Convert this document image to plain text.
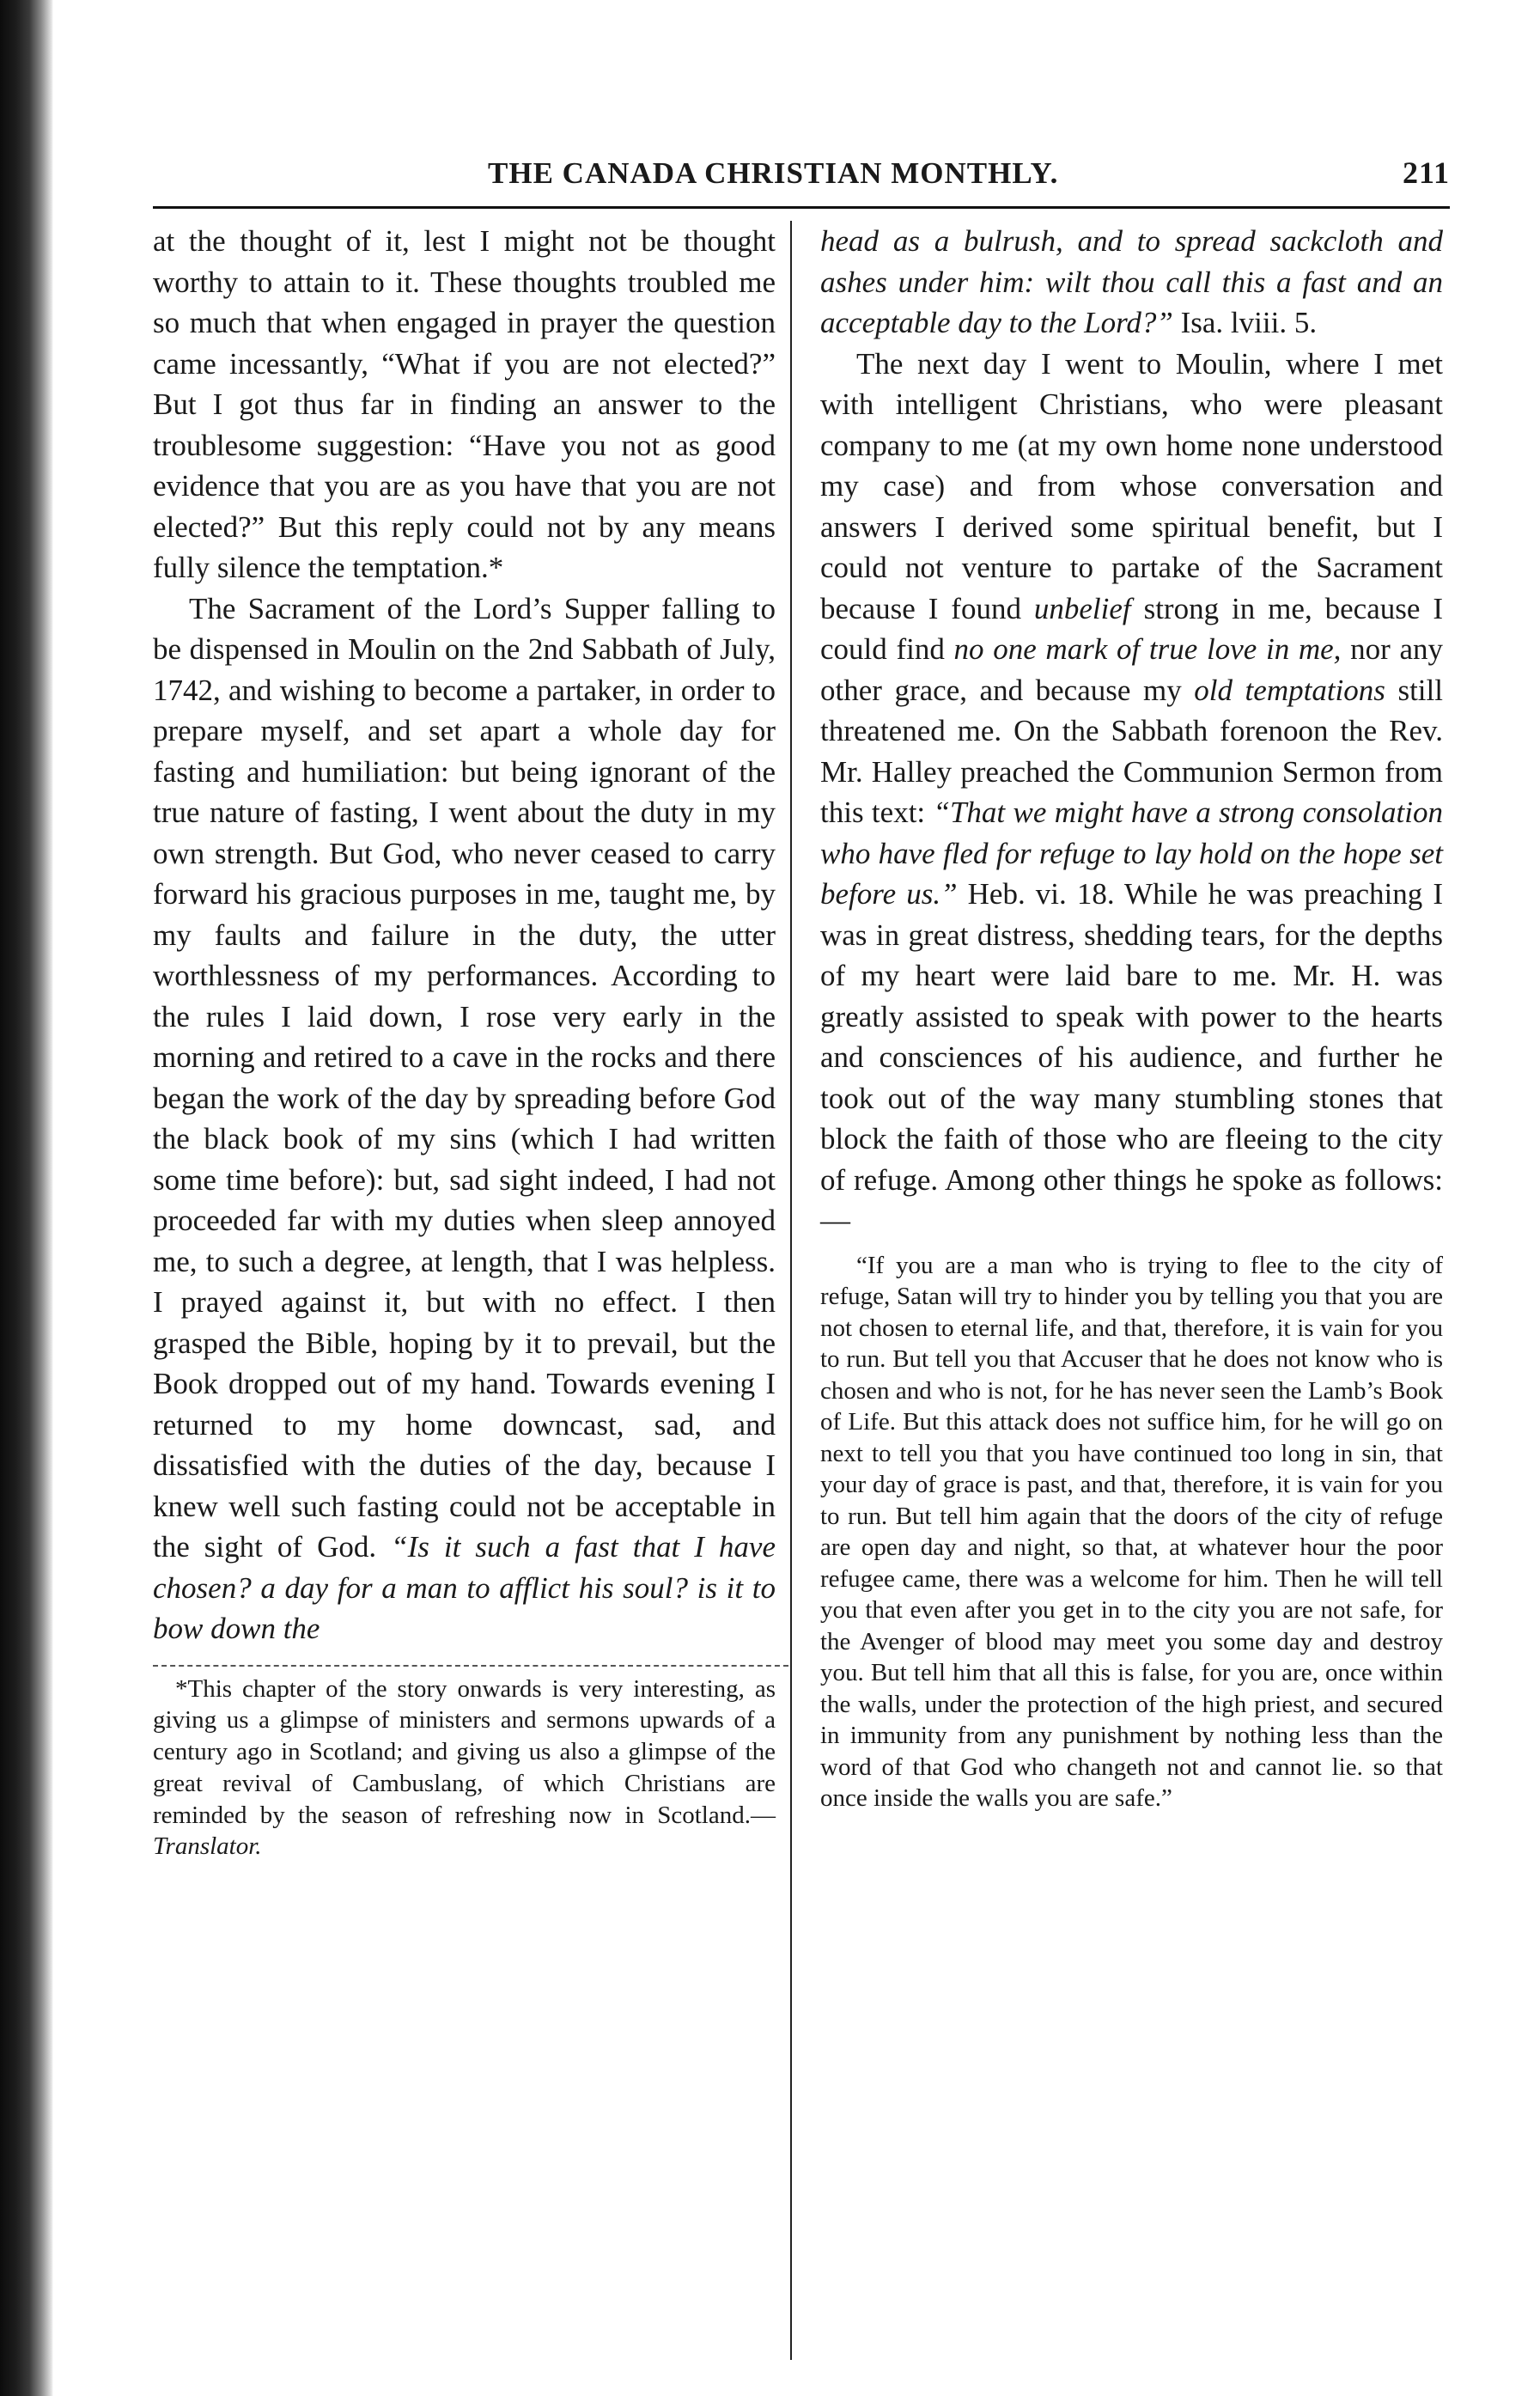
THE CANADA CHRISTIAN MONTHLY.	211

at the thought of it, lest I might not be thought worthy to attain to it. These thoughts troubled me so much that when engaged in prayer the question came incessantly, “What if you are not elected?” But I got thus far in finding an answer to the troublesome suggestion: “Have you not as good evidence that you are as you have that you are not elected?” But this reply could not by any means fully silence the temptation.*

The Sacrament of the Lord’s Supper falling to be dispensed in Moulin on the 2nd Sabbath of July, 1742, and wishing to become a partaker, in order to prepare myself, and set apart a whole day for fasting and humiliation: but being ignorant of the true nature of fasting, I went about the duty in my own strength. But God, who never ceased to carry forward his gracious purposes in me, taught me, by my faults and failure in the duty, the utter worthlessness of my performances. According to the rules I laid down, I rose very early in the morning and retired to a cave in the rocks and there began the work of the day by spreading before God the black book of my sins (which I had written some time before): but, sad sight indeed, I had not proceeded far with my duties when sleep annoyed me, to such a degree, at length, that I was helpless. I prayed against it, but with no effect. I then grasped the Bible, hoping by it to prevail, but the Book dropped out of my hand. Towards evening I returned to my home downcast, sad, and dissatisfied with the duties of the day, because I knew well such fasting could not be acceptable in the sight of God. “Is it such a fast that I have chosen? a day for a man to afflict his soul? is it to bow down the

*This chapter of the story onwards is very interesting, as giving us a glimpse of ministers and sermons upwards of a century ago in Scotland; and giving us also a glimpse of the great revival of Cambuslang, of which Christians are reminded by the season of refreshing now in Scotland.—Translator.

head as a bulrush, and to spread sackcloth and ashes under him: wilt thou call this a fast and an acceptable day to the Lord?” Isa. lviii. 5.

The next day I went to Moulin, where I met with intelligent Christians, who were pleasant company to me (at my own home none understood my case) and from whose conversation and answers I derived some spiritual benefit, but I could not venture to partake of the Sacrament because I found unbelief strong in me, because I could find no one mark of true love in me, nor any other grace, and because my old temptations still threatened me. On the Sabbath forenoon the Rev. Mr. Halley preached the Communion Sermon from this text: “That we might have a strong consolation who have fled for refuge to lay hold on the hope set before us.” Heb. vi. 18. While he was preaching I was in great distress, shedding tears, for the depths of my heart were laid bare to me. Mr. H. was greatly assisted to speak with power to the hearts and consciences of his audience, and further he took out of the way many stumbling stones that block the faith of those who are fleeing to the city of refuge. Among other things he spoke as follows:—

“If you are a man who is trying to flee to the city of refuge, Satan will try to hinder you by telling you that you are not chosen to eternal life, and that, therefore, it is vain for you to run. But tell you that Accuser that he does not know who is chosen and who is not, for he has never seen the Lamb’s Book of Life. But this attack does not suffice him, for he will go on next to tell you that you have continued too long in sin, that your day of grace is past, and that, therefore, it is vain for you to run. But tell him again that the doors of the city of refuge are open day and night, so that, at whatever hour the poor refugee came, there was a welcome for him. Then he will tell you that even after you get in to the city you are not safe, for the Avenger of blood may meet you some day and destroy you. But tell him that all this is false, for you are, once within the walls, under the protection of the high priest, and secured in immunity from any punishment by nothing less than the word of that God who changeth not and cannot lie. so that once inside the walls you are safe.”
